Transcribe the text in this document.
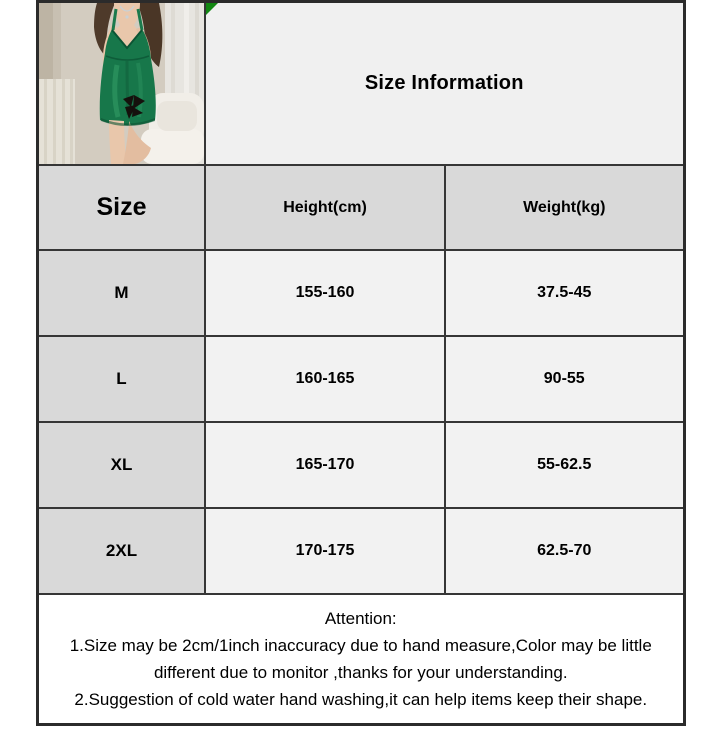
Size Information	
Size	Height(cm)	Weight(kg)
M	155-160	37.5-45
L	160-165	90-55
XL	165-170	55-62.5
2XL	170-175	62.5-70

Attention:

1.Size may be 2cm/1inch inaccuracy due to hand measure,Color may be little different due to monitor ,thanks for your understanding.

2.Suggestion of cold water hand washing,it can help items keep their shape.		
